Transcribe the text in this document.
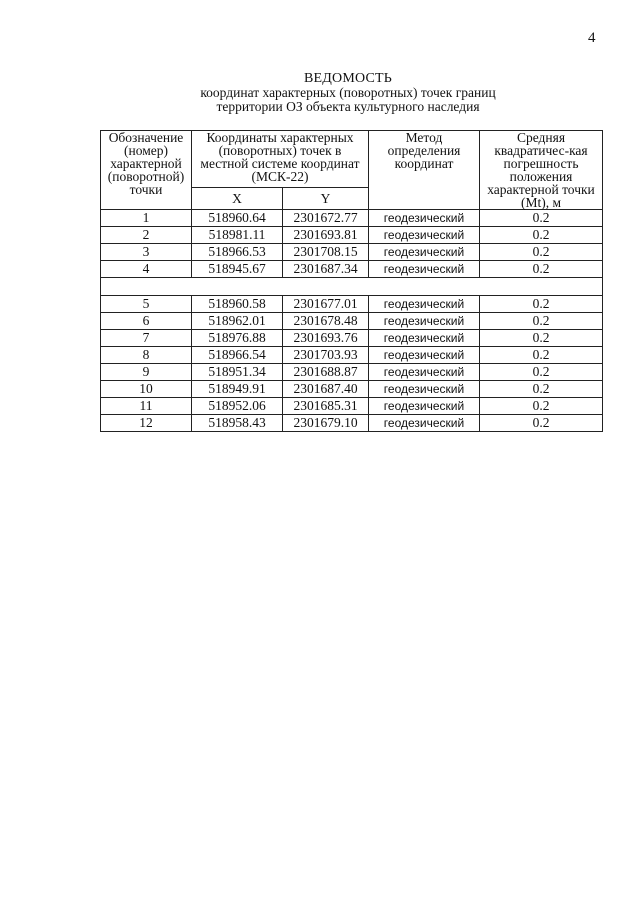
4
ВЕДОМОСТЬ
координат характерных (поворотных) точек границ
территории ОЗ объекта культурного наследия
Обозначение (номер) характерной (поворотной) точки	Координаты характерных (поворотных) точек в местной системе координат (МСК-22)		Метод определения координат	Средняя квадратичес-кая погрешность положения характерной точки (Mt), м
	X	Y		
1	518960.64	2301672.77	геодезический	0.2
2	518981.11	2301693.81	геодезический	0.2
3	518966.53	2301708.15	геодезический	0.2
4	518945.67	2301687.34	геодезический	0.2

5	518960.58	2301677.01	геодезический	0.2
6	518962.01	2301678.48	геодезический	0.2
7	518976.88	2301693.76	геодезический	0.2
8	518966.54	2301703.93	геодезический	0.2
9	518951.34	2301688.87	геодезический	0.2
10	518949.91	2301687.40	геодезический	0.2
11	518952.06	2301685.31	геодезический	0.2
12	518958.43	2301679.10	геодезический	0.2
